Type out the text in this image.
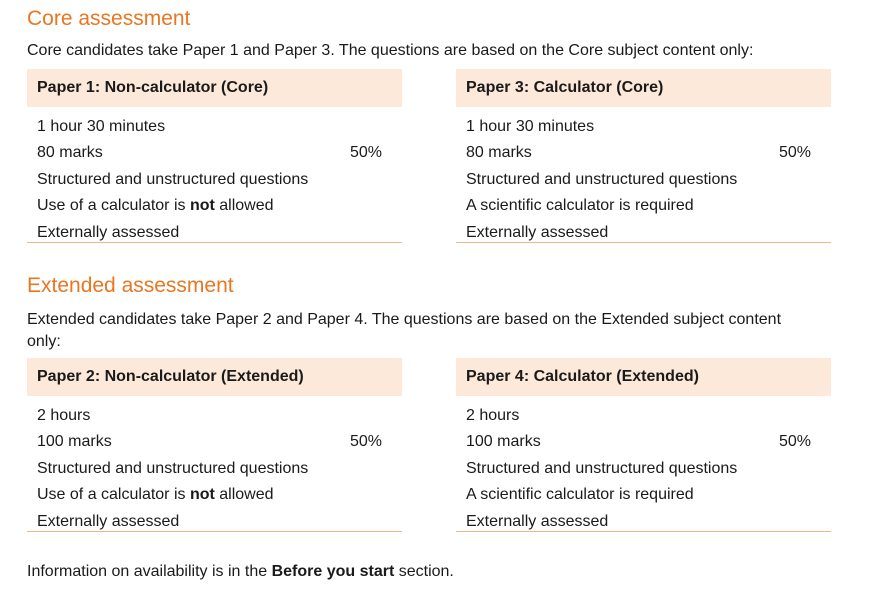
Core assessment

Core candidates take Paper 1 and Paper 3. The questions are based on the Core subject content only:

Paper 1: Non-calculator (Core)
1 hour 30 minutes
80 marks	50%
Structured and unstructured questions
Use of a calculator is not allowed
Externally assessed
Paper 3: Calculator (Core)
1 hour 30 minutes
80 marks	50%
Structured and unstructured questions
A scientific calculator is required
Externally assessed
Extended assessment

Extended candidates take Paper 2 and Paper 4. The questions are based on the Extended subject content only:

Paper 2: Non-calculator (Extended)
2 hours
100 marks	50%
Structured and unstructured questions
Use of a calculator is not allowed
Externally assessed
Paper 4: Calculator (Extended)
2 hours
100 marks	50%
Structured and unstructured questions
A scientific calculator is required
Externally assessed

Information on availability is in the Before you start section.
